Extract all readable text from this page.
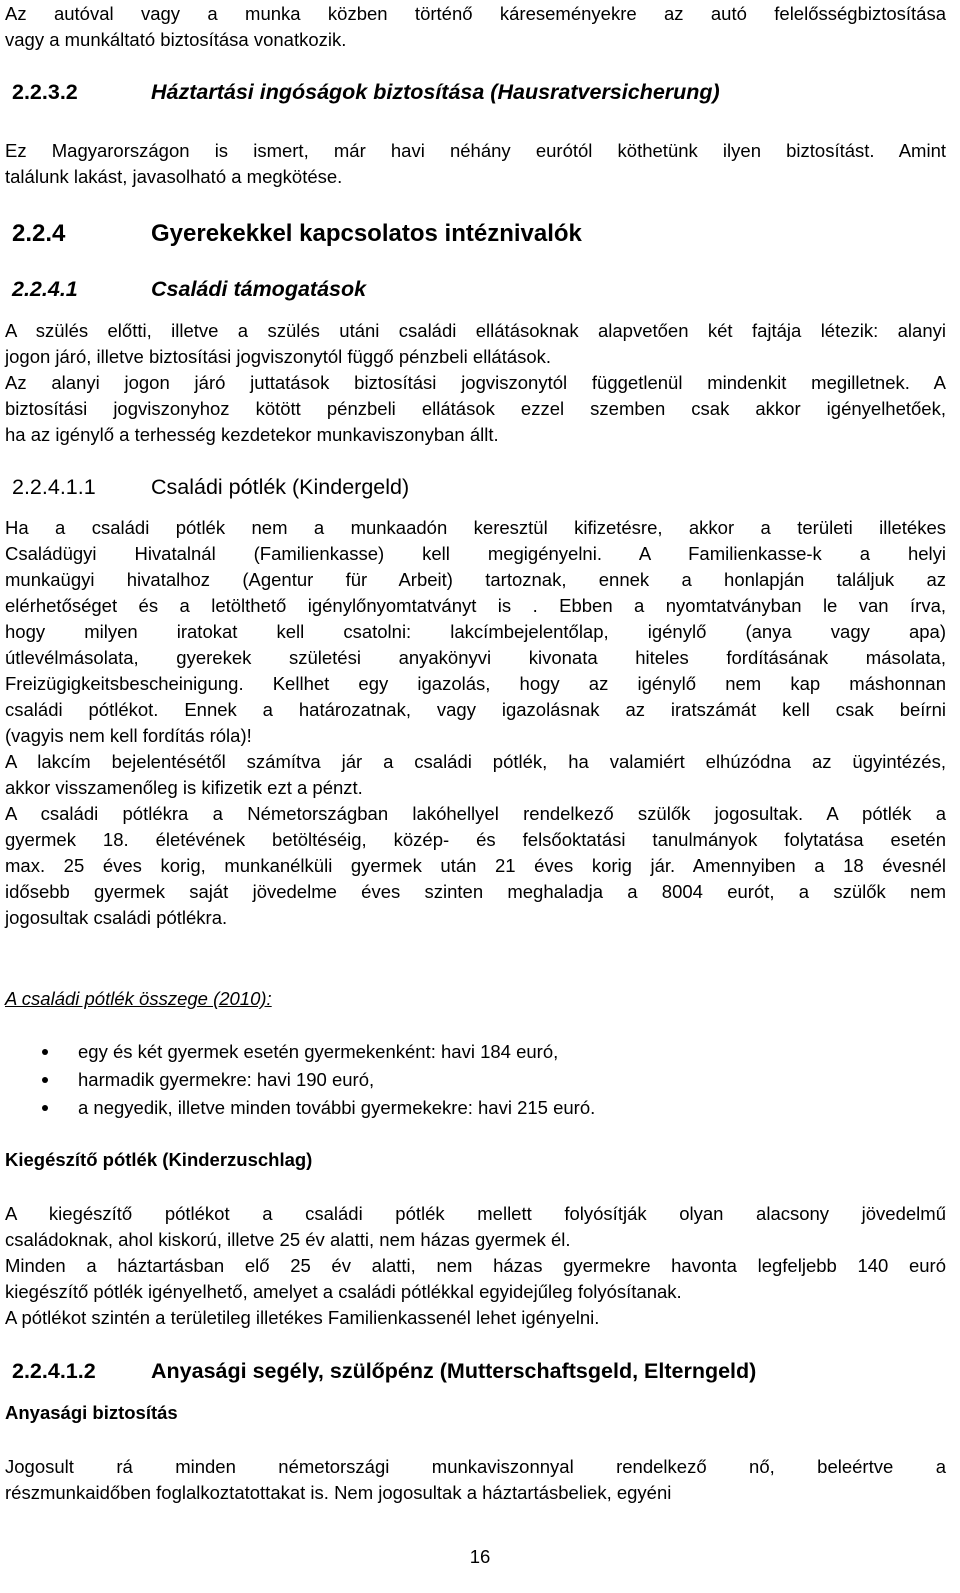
Az autóval vagy a munka közben történő káreseményekre az autó felelősségbiztosítása
vagy a munkáltató biztosítása vonatkozik.

2.2.3.2	Háztartási ingóságok biztosítása (Hausratversicherung)

Ez Magyarországon is ismert, már havi néhány eurótól köthetünk ilyen biztosítást. Amint
találunk lakást, javasolható a megkötése.

2.2.4	Gyerekekkel kapcsolatos intéznivalók
2.2.4.1	Családi támogatások

A szülés előtti, illetve a szülés utáni családi ellátásoknak alapvetően két fajtája létezik: alanyi
jogon járó, illetve biztosítási jogviszonytól függő pénzbeli ellátások.
Az alanyi jogon járó juttatások biztosítási jogviszonytól függetlenül mindenkit megilletnek. A
biztosítási jogviszonyhoz kötött pénzbeli ellátások ezzel szemben csak akkor igényelhetőek,
ha az igénylő a terhesség kezdetekor munkaviszonyban állt.

2.2.4.1.1	Családi pótlék (Kindergeld)

Ha a családi pótlék nem a munkaadón keresztül kifizetésre, akkor a területi illetékes
Családügyi Hivatalnál (Familienkasse) kell megigényelni. A Familienkasse-k a helyi
munkaügyi hivatalhoz (Agentur für Arbeit) tartoznak, ennek a honlapján találjuk az
elérhetőséget és a letölthető igénylőnyomtatványt is . Ebben a nyomtatványban le van írva,
hogy milyen iratokat kell csatolni: lakcímbejelentőlap, igénylő (anya vagy apa)
útlevélmásolata, gyerekek születési anyakönyvi kivonata hiteles fordításának másolata,
Freizügigkeitsbescheinigung. Kellhet egy igazolás, hogy az igénylő nem kap máshonnan
családi pótlékot. Ennek a határozatnak, vagy igazolásnak az iratszámát kell csak beírni
(vagyis nem kell fordítás róla)!
A lakcím bejelentésétől számítva jár a családi pótlék, ha valamiért elhúzódna az ügyintézés,
akkor visszamenőleg is kifizetik ezt a pénzt.
A családi pótlékra a Németországban lakóhellyel rendelkező szülők jogosultak. A pótlék a
gyermek 18. életévének betöltéséig, közép- és felsőoktatási tanulmányok folytatása esetén
max. 25 éves korig, munkanélküli gyermek után 21 éves korig jár. Amennyiben a 18 évesnél
idősebb gyermek saját jövedelme éves szinten meghaladja a 8004 eurót, a szülők nem
jogosultak családi pótlékra.

A családi pótlék összege (2010):

egy és két gyermek esetén gyermekenként: havi 184 euró,
harmadik gyermekre: havi 190 euró,
a negyedik, illetve minden további gyermekekre: havi 215 euró.

Kiegészítő pótlék (Kinderzuschlag)

A kiegészítő pótlékot a családi pótlék mellett folyósítják olyan alacsony jövedelmű
családoknak, ahol kiskorú, illetve 25 év alatti, nem házas gyermek él.
Minden a háztartásban elő 25 év alatti, nem házas gyermekre havonta legfeljebb 140 euró
kiegészítő pótlék igényelhető, amelyet a családi pótlékkal egyidejűleg folyósítanak.
A pótlékot szintén a területileg illetékes Familienkassenél lehet igényelni.

2.2.4.1.2	Anyasági segély, szülőpénz (Mutterschaftsgeld, Elterngeld)

Anyasági biztosítás

Jogosult rá minden németországi munkaviszonnyal rendelkező nő, beleértve a
részmunkaidőben foglalkoztatottakat is. Nem jogosultak a háztartásbeliek, egyéni

16
